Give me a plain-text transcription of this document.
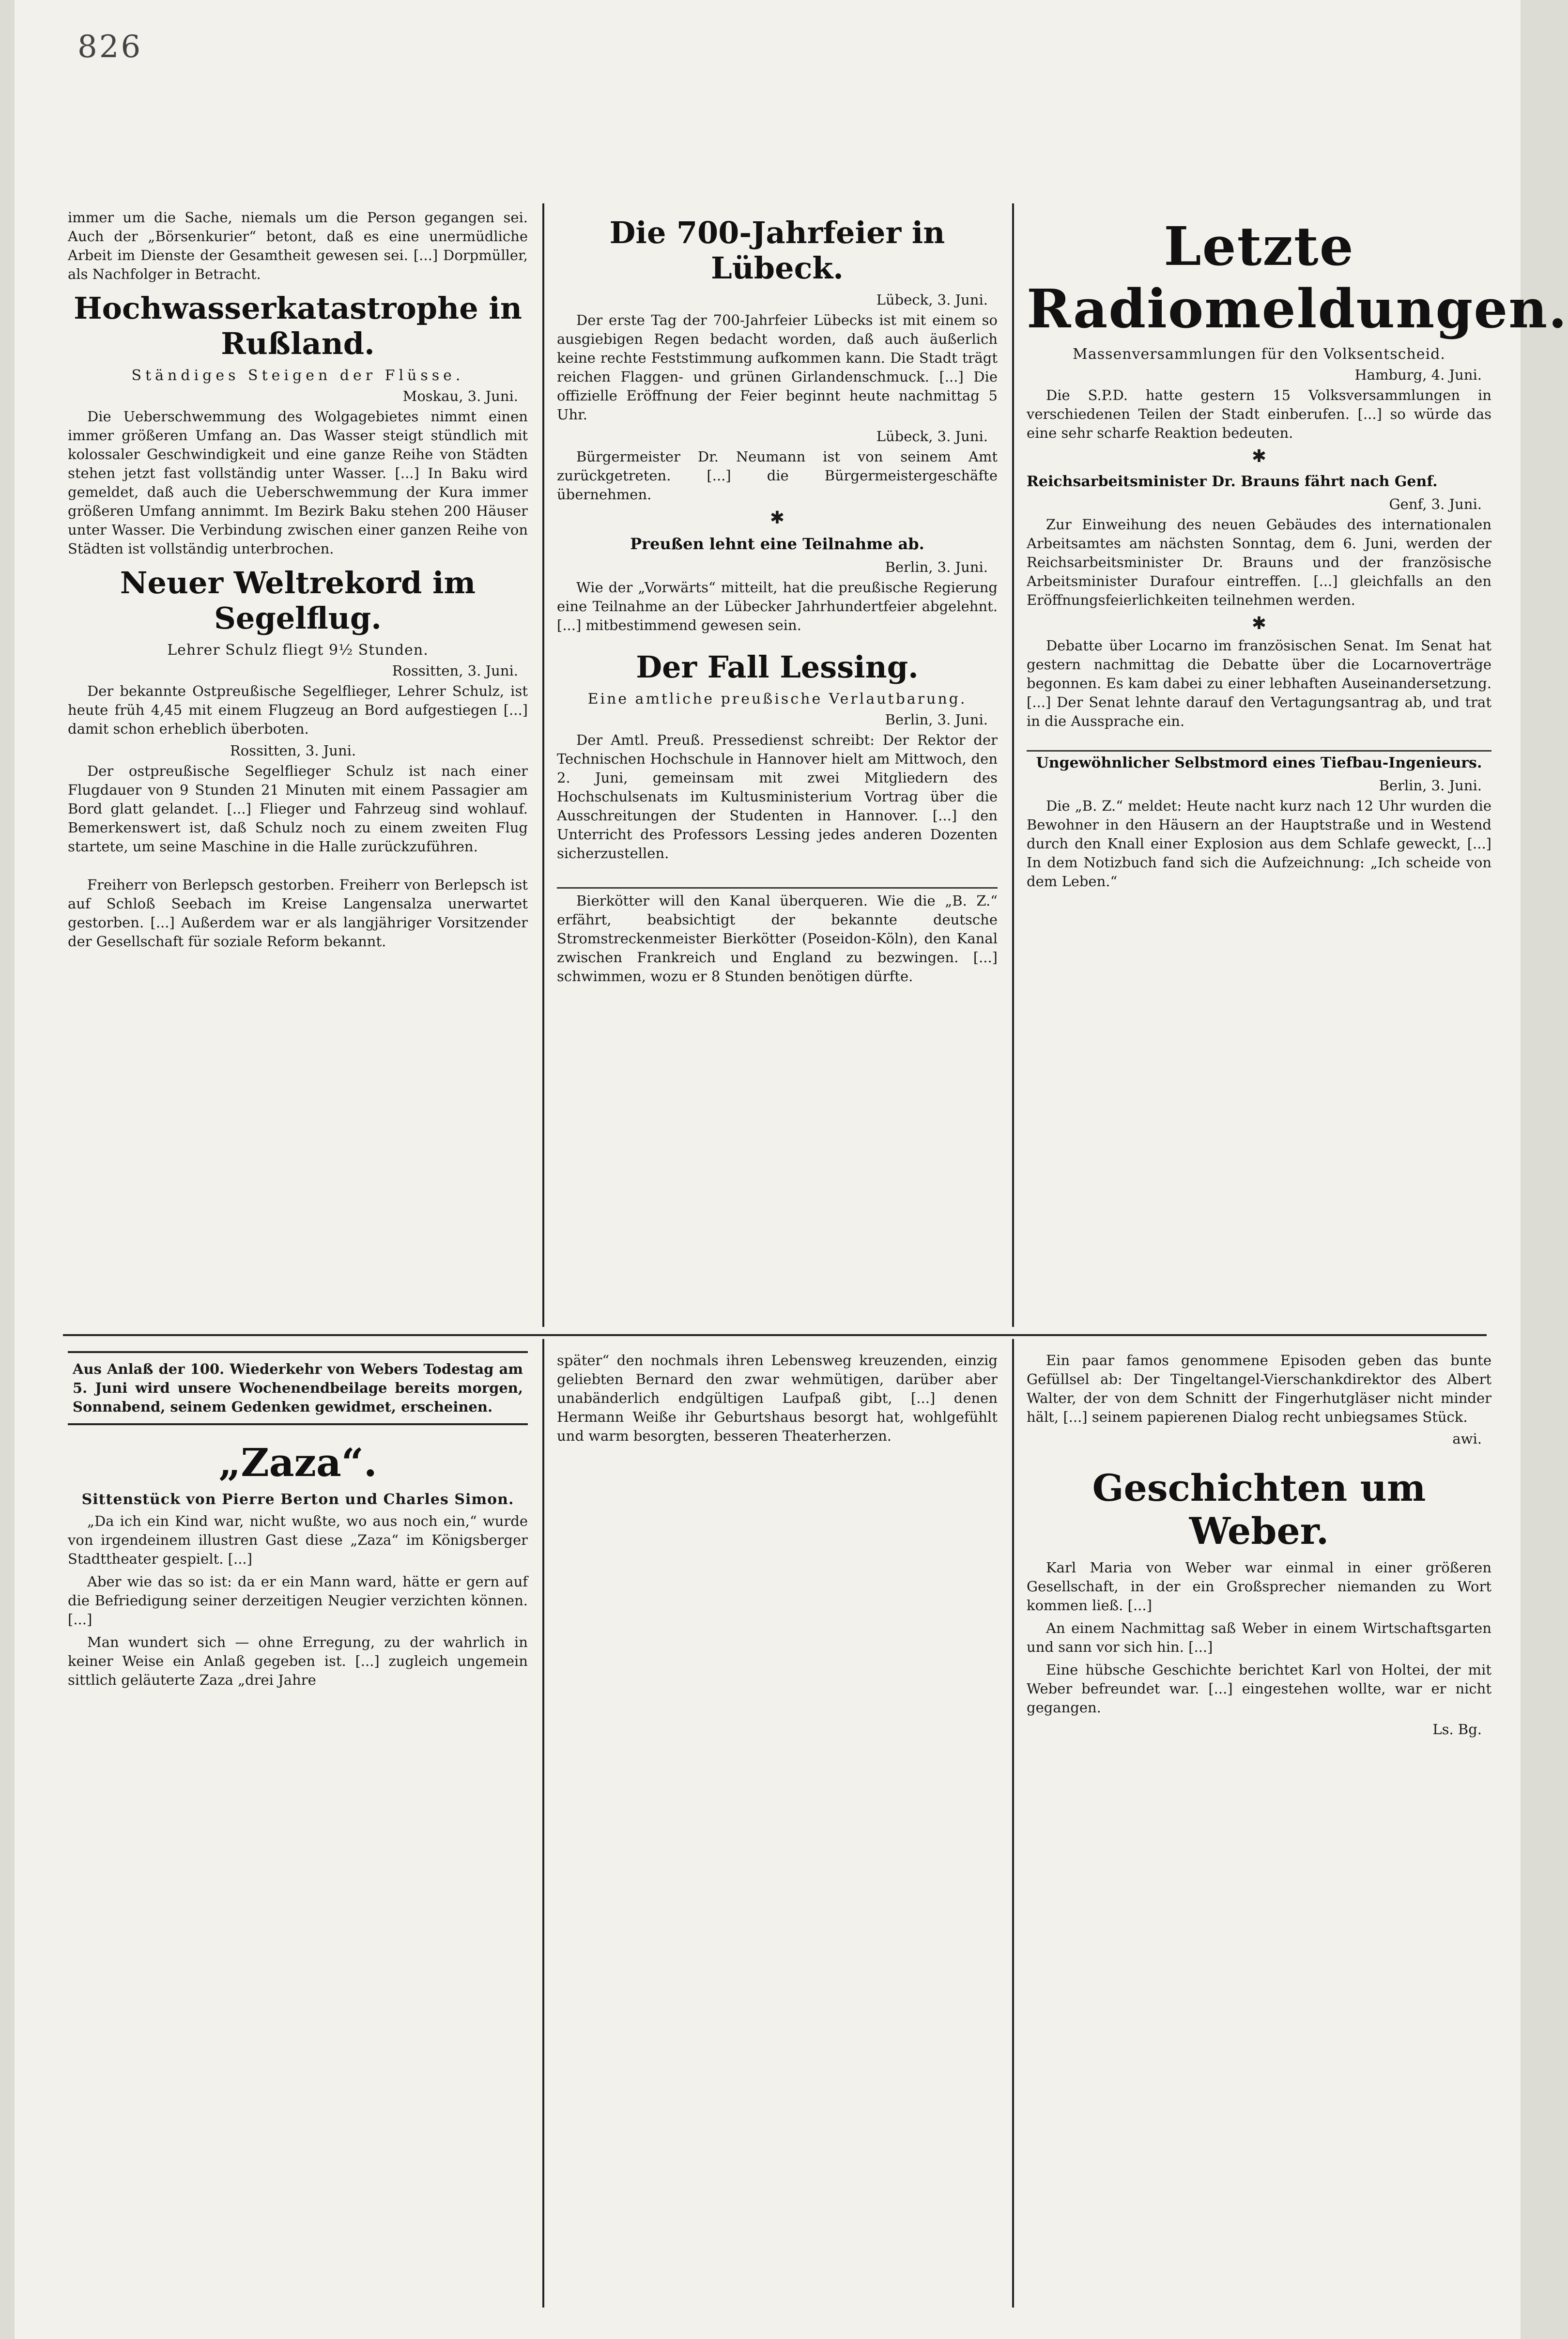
826

immer um die Sache, niemals um die Person gegangen sei. Auch der „Börsenkurier“ betont, daß es eine unermüdliche Arbeit im Dienste der Gesamtheit gewesen sei. [...] Dorpmüller, als Nachfolger in Betracht.

Hochwasserkatastrophe in Rußland.
Ständiges Steigen der Flüsse.
Moskau, 3. Juni.

Die Ueberschwemmung des Wolgagebietes nimmt einen immer größeren Umfang an. Das Wasser steigt stündlich mit kolossaler Geschwindigkeit und eine ganze Reihe von Städten stehen jetzt fast vollständig unter Wasser. [...] In Baku wird gemeldet, daß auch die Ueberschwemmung der Kura immer größeren Umfang annimmt. Im Bezirk Baku stehen 200 Häuser unter Wasser. Die Verbindung zwischen einer ganzen Reihe von Städten ist vollständig unterbrochen.

Neuer Weltrekord im Segelflug.
Lehrer Schulz fliegt 9½ Stunden.
Rossitten, 3. Juni.

Der bekannte Ostpreußische Segelflieger, Lehrer Schulz, ist heute früh 4,45 mit einem Flugzeug an Bord aufgestiegen [...] damit schon erheblich überboten.

Rossitten, 3. Juni.

Der ostpreußische Segelflieger Schulz ist nach einer Flugdauer von 9 Stunden 21 Minuten mit einem Passagier am Bord glatt gelandet. [...] Flieger und Fahrzeug sind wohlauf. Bemerkenswert ist, daß Schulz noch zu einem zweiten Flug startete, um seine Maschine in die Halle zurückzuführen.

Freiherr von Berlepsch gestorben. Freiherr von Berlepsch ist auf Schloß Seebach im Kreise Langensalza unerwartet gestorben. [...] Außerdem war er als langjähriger Vorsitzender der Gesellschaft für soziale Reform bekannt.

Die 700-Jahrfeier in Lübeck.
Lübeck, 3. Juni.

Der erste Tag der 700-Jahrfeier Lübecks ist mit einem so ausgiebigen Regen bedacht worden, daß auch äußerlich keine rechte Feststimmung aufkommen kann. Die Stadt trägt reichen Flaggen- und grünen Girlandenschmuck. [...] Die offizielle Eröffnung der Feier beginnt heute nachmittag 5 Uhr.

Lübeck, 3. Juni.

Bürgermeister Dr. Neumann ist von seinem Amt zurückgetreten. [...] die Bürgermeistergeschäfte übernehmen.

✱
Preußen lehnt eine Teilnahme ab.
Berlin, 3. Juni.

Wie der „Vorwärts“ mitteilt, hat die preußische Regierung eine Teilnahme an der Lübecker Jahrhundertfeier abgelehnt. [...] mitbestimmend gewesen sein.

Der Fall Lessing.
Eine amtliche preußische Verlautbarung.
Berlin, 3. Juni.

Der Amtl. Preuß. Pressedienst schreibt: Der Rektor der Technischen Hochschule in Hannover hielt am Mittwoch, den 2. Juni, gemeinsam mit zwei Mitgliedern des Hochschulsenats im Kultusministerium Vortrag über die Ausschreitungen der Studenten in Hannover. [...] den Unterricht des Professors Lessing jedes anderen Dozenten sicherzustellen.

Bierkötter will den Kanal überqueren. Wie die „B. Z.“ erfährt, beabsichtigt der bekannte deutsche Stromstreckenmeister Bierkötter (Poseidon-Köln), den Kanal zwischen Frankreich und England zu bezwingen. [...] schwimmen, wozu er 8 Stunden benötigen dürfte.

Letzte Radiomeldungen.
Massenversammlungen für den Volksentscheid.
Hamburg, 4. Juni.

Die S.P.D. hatte gestern 15 Volksversammlungen in verschiedenen Teilen der Stadt einberufen. [...] so würde das eine sehr scharfe Reaktion bedeuten.

✱
Reichsarbeitsminister Dr. Brauns fährt nach Genf.
Genf, 3. Juni.

Zur Einweihung des neuen Gebäudes des internationalen Arbeitsamtes am nächsten Sonntag, dem 6. Juni, werden der Reichsarbeitsminister Dr. Brauns und der französische Arbeitsminister Durafour eintreffen. [...] gleichfalls an den Eröffnungsfeierlichkeiten teilnehmen werden.

✱

Debatte über Locarno im französischen Senat. Im Senat hat gestern nachmittag die Debatte über die Locarnoverträge begonnen. Es kam dabei zu einer lebhaften Auseinandersetzung. [...] Der Senat lehnte darauf den Vertagungsantrag ab, und trat in die Aussprache ein.

Ungewöhnlicher Selbstmord eines Tiefbau-Ingenieurs.
Berlin, 3. Juni.

Die „B. Z.“ meldet: Heute nacht kurz nach 12 Uhr wurden die Bewohner in den Häusern an der Hauptstraße und in Westend durch den Knall einer Explosion aus dem Schlafe geweckt, [...] In dem Notizbuch fand sich die Aufzeichnung: „Ich scheide von dem Leben.“

Aus Anlaß der 100. Wiederkehr von Webers Todestag am 5. Juni wird unsere Wochenendbeilage bereits morgen, Sonnabend, seinem Gedenken gewidmet, erscheinen.
„Zaza“.
Sittenstück von Pierre Berton und Charles Simon.

„Da ich ein Kind war, nicht wußte, wo aus noch ein,“ wurde von irgendeinem illustren Gast diese „Zaza“ im Königsberger Stadttheater gespielt. [...]

Aber wie das so ist: da er ein Mann ward, hätte er gern auf die Befriedigung seiner derzeitigen Neugier verzichten können. [...]

Man wundert sich — ohne Erregung, zu der wahrlich in keiner Weise ein Anlaß gegeben ist. [...] zugleich ungemein sittlich geläuterte Zaza „drei Jahre

später“ den nochmals ihren Lebensweg kreuzenden, einzig geliebten Bernard den zwar wehmütigen, darüber aber unabänderlich endgültigen Laufpaß gibt, [...] denen Hermann Weiße ihr Geburtshaus besorgt hat, wohlgefühlt und warm besorgten, besseren Theaterherzen.

Ein paar famos genommene Episoden geben das bunte Gefüllsel ab: Der Tingeltangel-Vierschankdirektor des Albert Walter, der von dem Schnitt der Fingerhutgläser nicht minder hält, [...] seinem papierenen Dialog recht unbiegsames Stück.

awi.
Geschichten um Weber.

Karl Maria von Weber war einmal in einer größeren Gesellschaft, in der ein Großsprecher niemanden zu Wort kommen ließ. [...]

An einem Nachmittag saß Weber in einem Wirtschaftsgarten und sann vor sich hin. [...]

Eine hübsche Geschichte berichtet Karl von Holtei, der mit Weber befreundet war. [...] eingestehen wollte, war er nicht gegangen.

Ls. Bg.
